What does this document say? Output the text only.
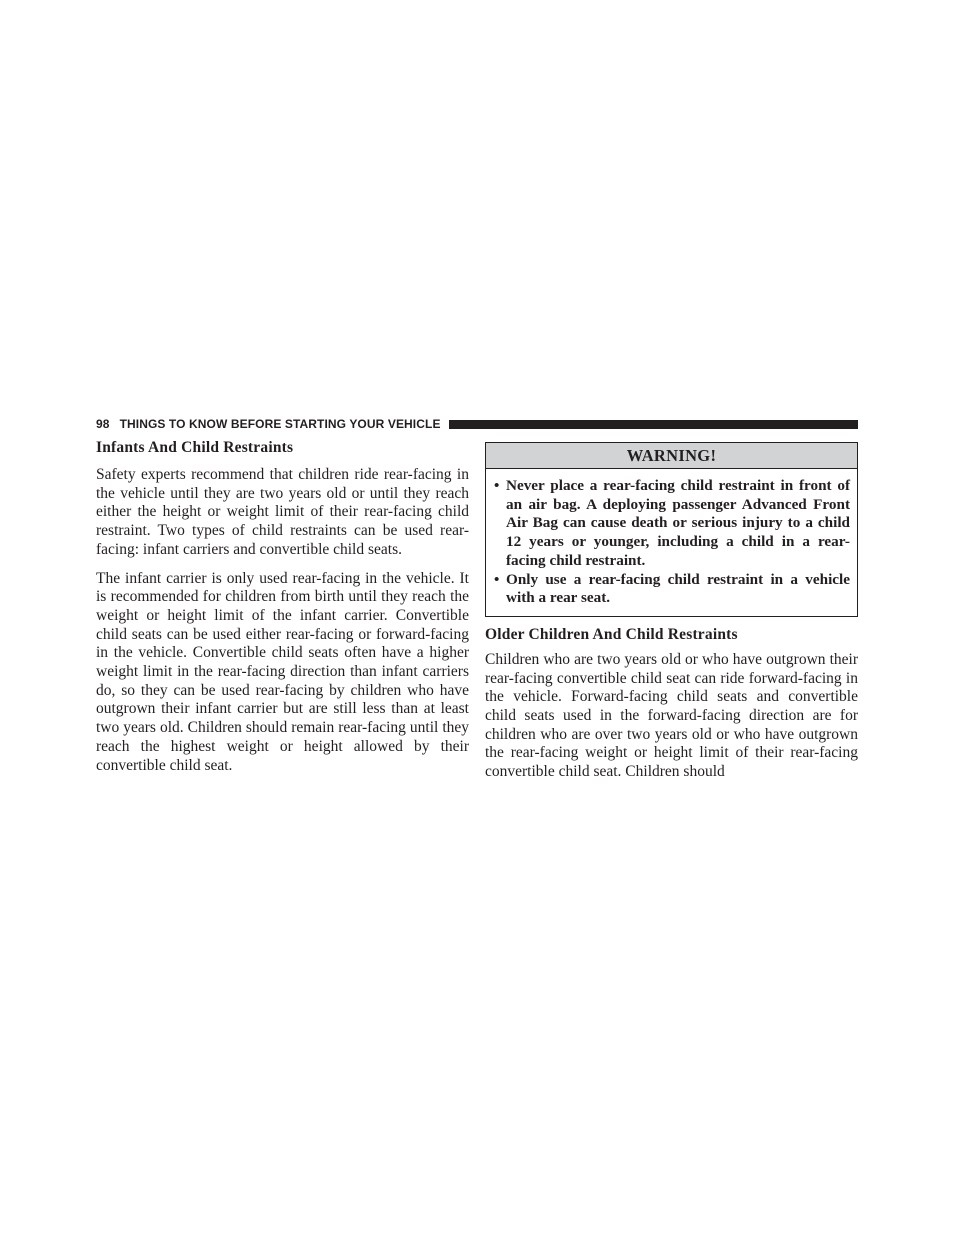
98 THINGS TO KNOW BEFORE STARTING YOUR VEHICLE
Infants And Child Restraints

Safety experts recommend that children ride rear-facing in the vehicle until they are two years old or until they reach either the height or weight limit of their rear-facing child restraint. Two types of child restraints can be used rear-facing: infant carriers and convertible child seats.

The infant carrier is only used rear-facing in the vehicle. It is recommended for children from birth until they reach the weight or height limit of the infant carrier. Convertible child seats can be used either rear-facing or forward-facing in the vehicle. Convertible child seats often have a higher weight limit in the rear-facing direction than infant carriers do, so they can be used rear-facing by children who have outgrown their infant carrier but are still less than at least two years old. Children should remain rear-facing until they reach the highest weight or height allowed by their convertible child seat.

WARNING!
• Never place a rear-facing child restraint in front of an air bag. A deploying passenger Advanced Front Air Bag can cause death or serious injury to a child 12 years or younger, including a child in a rear-facing child restraint.
• Only use a rear-facing child restraint in a vehicle with a rear seat.
Older Children And Child Restraints

Children who are two years old or who have outgrown their rear-facing convertible child seat can ride forward-facing in the vehicle. Forward-facing child seats and convertible child seats used in the forward-facing direction are for children who are over two years old or who have outgrown the rear-facing weight or height limit of their rear-facing convertible child seat. Children should
